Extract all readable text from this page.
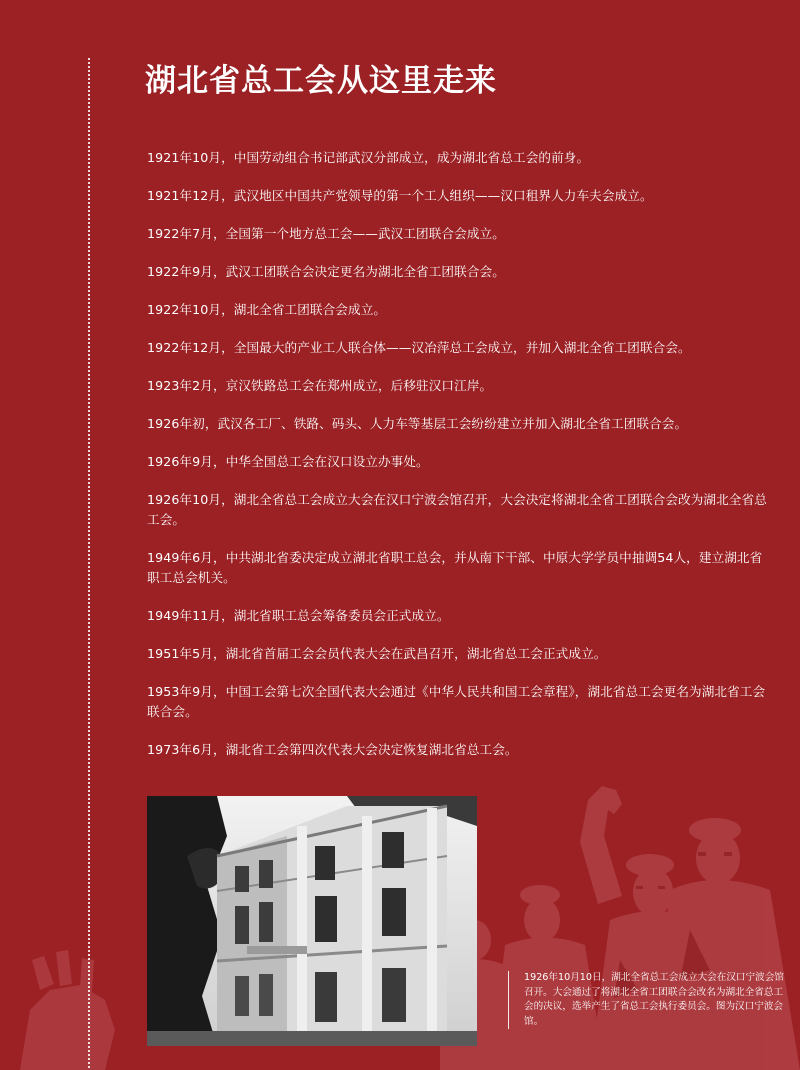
湖北省总工会从这里走来
1921年10月，中国劳动组合书记部武汉分部成立，成为湖北省总工会的前身。
1921年12月，武汉地区中国共产党领导的第一个工人组织——汉口租界人力车夫会成立。
1922年7月，全国第一个地方总工会——武汉工团联合会成立。
1922年9月，武汉工团联合会决定更名为湖北全省工团联合会。
1922年10月，湖北全省工团联合会成立。
1922年12月，全国最大的产业工人联合体——汉冶萍总工会成立，并加入湖北全省工团联合会。
1923年2月，京汉铁路总工会在郑州成立，后移驻汉口江岸。
1926年初，武汉各工厂、铁路、码头、人力车等基层工会纷纷建立并加入湖北全省工团联合会。
1926年9月，中华全国总工会在汉口设立办事处。
1926年10月，湖北全省总工会成立大会在汉口宁波会馆召开，大会决定将湖北全省工团联合会改为湖北全省总工会。
1949年6月，中共湖北省委决定成立湖北省职工总会，并从南下干部、中原大学学员中抽调54人，建立湖北省职工总会机关。
1949年11月，湖北省职工总会筹备委员会正式成立。
1951年5月，湖北省首届工会会员代表大会在武昌召开，湖北省总工会正式成立。
1953年9月，中国工会第七次全国代表大会通过《中华人民共和国工会章程》，湖北省总工会更名为湖北省工会联合会。
1973年6月，湖北省工会第四次代表大会决定恢复湖北省总工会。

1926年10月10日，湖北全省总工会成立大会在汉口宁波会馆召开。大会通过了将湖北全省工团联合会改名为湖北全省总工会的决议，选举产生了省总工会执行委员会。图为汉口宁波会馆。
